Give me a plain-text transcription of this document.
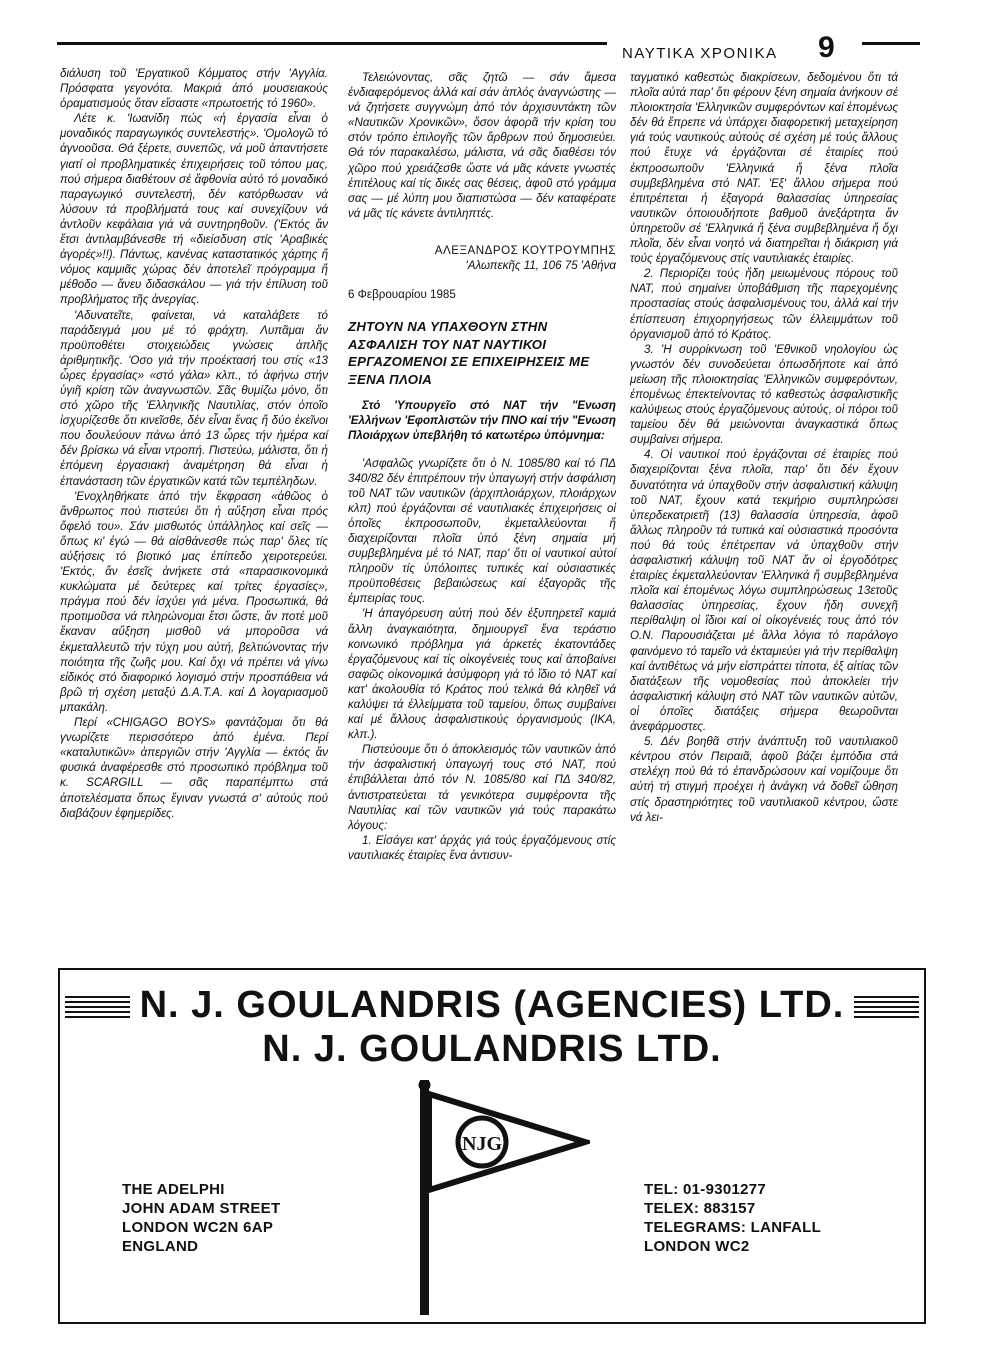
ΝΑΥΤΙΚΑ ΧΡΟΝΙΚΑ 9

διάλυση τοῦ 'Εργατικοῦ Κόμματος στήν 'Αγγλία. Πρόσφατα γεγονότα. Μακριά ἀπό μουσειακούς ὁραματισμούς ὅταν εἴσαστε «πρωτοετής τό 1960».

Λέτε κ. 'Ιωανίδη πώς «ἡ ἐργασία εἶναι ὁ μοναδικός παραγωγικός συντελεστής». 'Ομολογῶ τό ἀγνοοῦσα. Θά ξέρετε, συνεπῶς, νά μοῦ ἀπαντήσετε γιατί οἱ προβληματικές ἐπιχειρήσεις τοῦ τόπου μας, πού σήμερα διαθέτουν σέ ἄφθονία αὐτό τό μοναδικό παραγωγικό συντελεστή, δέν κατόρθωσαν νά λύσουν τά προβλήματά τους καί συνεχίζουν νά ἀντλοῦν κεφάλαια γιά νά συντηρηθοῦν. ('Εκτός ἄν ἔτσι ἀντιλαμβάνεσθε τή «διείσδυση στίς 'Αραβικές ἀγορές»!!). Πάντως, κανένας καταστατικός χάρτης ἤ νόμος καμμιᾶς χώρας δέν ἀποτελεῖ πρόγραμμα ἤ μέθοδο — ἄνευ διδασκάλου — γιά τήν ἐπίλυση τοῦ προβλήματος τῆς ἀνεργίας.

'Αδυνατεῖτε, φαίνεται, νά καταλάβετε τό παράδειγμά μου μέ τό φράχτη. Λυπᾶμαι ἄν προϋποθέτει στοιχειώδεις γνώσεις ἁπλῆς ἀριθμητικῆς. 'Οσο γιά τήν προέκτασή του στίς «13 ὧρες ἐργασίας» «στό γάλα» κλπ., τό ἀφήνω στήν ὑγιῆ κρίση τῶν ἀναγνωστῶν. Σᾶς θυμίζω μόνο, ὅτι στό χῶρο τῆς 'Ελληνικῆς Ναυτιλίας, στόν ὁποῖο ἰσχυρίζεσθε ὅτι κινεῖσθε, δέν εἶναι ἕνας ἤ δύο ἐκεῖνοι που δουλεύουν πάνω ἀπό 13 ὧρες τήν ἡμέρα καί δέν βρίσκω νά εἶναι ντροπή. Πιστεύω, μάλιστα, ὅτι ἡ ἑπόμενη ἐργασιακή ἀναμέτρηση θά εἶναι ἡ ἐπανάσταση τῶν ἐργατικῶν κατά τῶν τεμπέληδων.

'Ενοχληθήκατε ἀπό τήν ἔκφραση «ἀθῶος ὁ ἄνθρωπος πού πιστεύει ὅτι ἡ αὔξηση εἶναι πρός ὄφελό του». Σάν μισθωτός ὑπάλληλος καί σεῖς — ὅπως κι' ἐγώ — θά αἰσθάνεσθε πώς παρ' ὅλες τίς αὐξήσεις τό βιοτικό μας ἐπίπεδο χειροτερεύει. 'Εκτός, ἄν ἐσεῖς ἀνήκετε στά «παρασικονομικά κυκλώματα μέ δεύτερες καί τρίτες ἐργασίες», πράγμα πού δέν ἰσχύει γιά μένα. Προσωπικά, θά προτιμοῦσα νά πληρώνομαι ἔτσι ὥστε, ἄν ποτέ μοῦ ἔκαναν αὔξηση μισθοῦ νά μποροῦσα νά ἐκμεταλλευτῶ τήν τύχη μου αὐτή, βελτιώνοντας τήν ποιότητα τῆς ζωῆς μου. Καί ὄχι νά πρέπει νά γίνω εἰδικός στό διαφορικό λογισμό στήν προσπάθεια νά βρῶ τή σχέση μεταξύ Δ.Α.Τ.Α. καί Δ λογαριασμοῦ μπακάλη.

Περί «CHIGAGO BOYS» φαντάζομαι ὅτι θά γνωρίζετε περισσότερο ἀπό ἐμένα. Περί «καταλυτικῶν» ἀπεργιῶν στήν 'Αγγλία — ἐκτός ἄν φυσικά ἀναφέρεσθε στό προσωπικό πρόβλημα τοῦ κ. SCARGILL — σᾶς παραπέμπτω στά ἀποτελέσματα ὅπως ἔγιναν γνωστά σ' αὐτούς πού διαβάζουν ἐφημερίδες.

Τελειώνοντας, σᾶς ζητῶ — σάν ἄμεσα ἐνδιαφερόμενος ἀλλά καί σάν ἁπλός ἀναγνώστης — νά ζητήσετε συγγνώμη ἀπό τόν ἀρχισυντάκτη τῶν «Ναυτικῶν Χρονικῶν», ὅσον ἀφορᾶ τήν κρίση του στόν τρόπο ἐπιλογῆς τῶν ἄρθρων πού δημοσιεύει. Θά τόν παρακαλέσω, μάλιστα, νά σᾶς διαθέσει τόν χῶρο πού χρειάζεσθε ὥστε νά μᾶς κάνετε γνωστές ἐπιτέλους καί τίς δικές σας θέσεις, ἀφοῦ στό γράμμα σας — μέ λύπη μου διαπιστώσα — δέν καταφέρατε νά μᾶς τίς κάνετε ἀντιληπτές.

ΑΛΕΞΑΝΔΡΟΣ ΚΟΥΤΡΟΥΜΠΗΣ

'Αλωπεκῆς 11, 106 75 'Αθήνα

6 Φεβρουαρίου 1985

ΖΗΤΟΥΝ ΝΑ ΥΠΑΧΘΟΥΝ ΣΤΗΝ ΑΣΦΑΛΙΣΗ ΤΟΥ ΝΑΤ ΝΑΥΤΙΚΟΙ ΕΡΓΑΖΟΜΕΝΟΙ ΣΕ ΕΠΙΧΕΙΡΗΣΕΙΣ ΜΕ ΞΕΝΑ ΠΛΟΙΑ

Στό 'Υπουργεῖο στό ΝΑΤ τήν "Ενωση 'Ελλήνων 'Εφοπλιστῶν τήν ΠΝΟ καί τήν "Ενωση Πλοιάρχων ὑπεβλήθη τό κατωτέρω ὑπόμνημα:

'Ασφαλῶς γνωρίζετε ὅτι ὁ Ν. 1085/80 καί τό ΠΔ 340/82 δέν ἐπιτρέπουν τήν ὑπαγωγή στήν ἀσφάλιση τοῦ ΝΑΤ τῶν ναυτικῶν (ἀρχιπλοιάρχων, πλοιάρχων κλπ) πού ἐργάζονται σέ ναυτιλιακές ἐπιχειρήσεις οἱ ὁποῖες ἐκπροσωποῦν, ἐκμεταλλεύονται ἤ διαχειρίζονται πλοῖα ὑπό ξένη σημαία μή συμβεβλημένα μέ τό ΝΑΤ, παρ' ὅτι οἱ ναυτικοί αὐτοί πληροῦν τίς ὑπόλοιπες τυπικές καί οὐσιαστικές προϋποθέσεις βεβαιώσεως καί ἐξαγορᾶς τῆς ἐμπειρίας τους.

'Η ἀπαγόρευση αὐτή πού δέν ἐξυπηρετεῖ καμιά ἄλλη ἀναγκαιότητα, δημιουργεῖ ἕνα τεράστιο κοινωνικό πρόβλημα γιά ἀρκετές ἑκατοντάδες ἐργαζόμενους καί τίς οἰκογένειές τους καί ἀποβαίνει σαφῶς οἰκονομικά ἀσύμφορη γιά τό ἴδιο τό ΝΑΤ καί κατ' ἀκολουθία τό Κράτος πού τελικά θά κληθεῖ νά καλύψει τά ἐλλείμματα τοῦ ταμείου, ὅπως συμβαίνει καί μέ ἄλλους ἀσφαλιστικούς ὀργανισμούς (ΙΚΑ, κλπ.).

Πιστεύουμε ὅτι ὁ ἀποκλεισμός τῶν ναυτικῶν ἀπό τήν ἀσφαλιστική ὑπαγωγή τους στό ΝΑΤ, πού ἐπιβάλλεται ἀπό τόν Ν. 1085/80 καί ΠΔ 340/82, ἀντιστρατεύεται τά γενικότερα συμφέροντα τῆς Ναυτιλίας καί τῶν ναυτικῶν γιά τούς παρακάτω λόγους:

1. Εἰσάγει κατ' ἀρχάς γιά τούς ἐργαζόμενους στίς ναυτιλιακές ἑταιρίες ἕνα ἀντισυν-

ταγματικό καθεστώς διακρίσεων, δεδομένου ὅτι τά πλοῖα αὐτά παρ' ὅτι φέρουν ξένη σημαία ἀνήκουν σέ πλοιοκτησία 'Ελληνικῶν συμφερόντων καί ἑπομένως δέν θά ἔπρεπε νά ὑπάρχει διαφορετική μεταχείρηση γιά τούς ναυτικούς αὐτούς σέ σχέση μέ τούς ἄλλους πού ἔτυχε νά ἐργάζονται σέ ἑταιρίες πού ἐκπροσωποῦν 'Ελληνικά ἤ ξένα πλοῖα συμβεβλημένα στό ΝΑΤ. 'Εξ' ἄλλου σήμερα πού ἐπιτρέπεται ἡ ἐξαγορά θαλασσίας ὑπηρεσίας ναυτικῶν ὁποιουδήποτε βαθμοῦ ἀνεξάρτητα ἄν ὑπηρετοῦν σέ 'Ελληνικά ἤ ξένα συμβεβλημένα ἤ ὄχι πλοῖα, δέν εἶναι νοητό νά διατηρεῖται ἡ διάκριση γιά τούς ἐργαζόμενους στίς ναυτιλιακές ἑταιρίες.

2. Περιορίζει τούς ἤδη μειωμένους πόρους τοῦ ΝΑΤ, πού σημαίνει ὑποβάθμιση τῆς παρεχομένης προστασίας στούς ἀσφαλισμένους του, ἀλλά καί τήν ἐπίσπευση ἐπιχορηγήσεως τῶν ἐλλειμμάτων τοῦ ὀργανισμοῦ ἀπό τό Κράτος.

3. 'Η συρρίκνωση τοῦ 'Εθνικοῦ νηολογίου ὡς γνωστόν δέν συνοδεύεται ὁπωσδήποτε καί ἀπό μείωση τῆς πλοιοκτησίας 'Ελληνικῶν συμφερόντων, ἑπομένως ἐπεκτείνοντας τό καθεστώς ἀσφαλιστικῆς καλύψεως στούς ἐργαζόμενους αὐτούς, οἱ πόροι τοῦ ταμείου δέν θά μειώνονται ἀναγκαστικά ὅπως συμβαίνει σήμερα.

4. Οἱ ναυτικοί πού ἐργάζονται σέ ἑταιρίες πού διαχειρίζονται ξένα πλοῖα, παρ' ὅτι δέν ἔχουν δυνατότητα νά ὑπαχθοῦν στήν ἀσφαλιστική κάλυψη τοῦ ΝΑΤ, ἔχουν κατά τεκμήριο συμπληρώσει ὑπερδεκατριετῆ (13) θαλασσία ὑπηρεσία, ἀφοῦ ἄλλως πληροῦν τά τυπικά καί οὐσιαστικά προσόντα πού θά τούς ἐπέτρεπαν νά ὑπαχθοῦν στήν ἀσφαλιστική κάλυψη τοῦ ΝΑΤ ἄν οἱ ἐργοδότρες ἑταιρίες ἐκμεταλλεύονταν 'Ελληνικά ἤ συμβεβλημένα πλοῖα καί ἑπομένως λόγω συμπληρώσεως 13ετοῦς θαλασσίας ὑπηρεσίας, ἔχουν ἤδη συνεχῆ περίθαλψη οἱ ἴδιοι καί οἱ οἰκογένειές τους ἀπό τόν Ο.Ν. Παρουσιάζεται μέ ἄλλα λόγια τό παράλογο φαινόμενο τό ταμεῖο νά ἐκταμιεύει γιά τήν περίθαλψη καί ἀντιθέτως νά μήν εἰσπράττει τίποτα, ἐξ αἰτίας τῶν διατάξεων τῆς νομοθεσίας πού ἀποκλείει τήν ἀσφαλιστική κάλυψη στό ΝΑΤ τῶν ναυτικῶν αὐτῶν, οἱ ὁποῖες διατάξεις σήμερα θεωροῦνται ἀνεφάρμοστες.

5. Δέν βοηθᾶ στήν ἀνάπτυξη τοῦ ναυτιλιακοῦ κέντρου στόν Πειραιᾶ, ἀφοῦ βάζει ἐμπόδια στά στελέχη πού θά τό ἐπανδρώσουν καί νομίζουμε ὅτι αὐτή τή στιγμή προέχει ἡ ἀνάγκη νά δοθεῖ ὤθηση στίς δραστηριότητες τοῦ ναυτιλιακοῦ κέντρου, ὥστε νά λει-

N. J. GOULANDRIS (AGENCIES) LTD.
N. J. GOULANDRIS LTD.
NJG
THE ADELPHI
JOHN ADAM STREET
LONDON WC2N 6AP
ENGLAND
TEL: 01-9301277
TELEX: 883157
TELEGRAMS: LANFALL
LONDON WC2
